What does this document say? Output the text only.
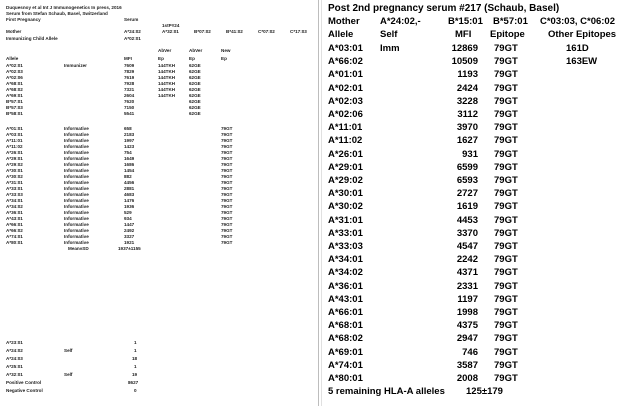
Duquesnoy et al Int J Immunogenetics In press, 2016
Serum from Stefan Schaub, Basel, Switzerland
First Pregnancy	Serum
1stP#24
Mother	A*24:02	A*32:01	B*07:02	B*41:02	C*07:02	C*17:03
Immunizing Child Allele	A*02:01
AbVer	AbVer	New
Allele	MFI	Ep	Ep	Ep
A*02:01	Immunizer	7609	144TKH	62GE
A*02:03	7829	144TKH	62GE
A*02:06	7619	144TKH	62GE
A*68:01	7928	144TKH	62GE
A*68:02	7321	144TKH	62GE
A*69:01	2604	144TKH	62GE
B*57:01	7620	62GE
B*57:03	7150	62GE
B*58:01	5541	62GE
A*01:01	Informative	658	79GT
A*03:01	Informative	2183	79GT
A*11:01	Informative	1997	79GT
A*11:02	Informative	1423	79GT
A*26:01	Informative	754	79GT
A*29:01	Informative	1649	79GT
A*29:02	Informative	1686	79GT
A*30:01	Informative	1454	79GT
A*30:02	Informative	882	79GT
A*31:01	Informative	4456	79GT
A*33:01	Informative	2881	79GT
A*33:03	Informative	4683	79GT
A*34:01	Informative	1476	79GT
A*34:02	Informative	1936	79GT
A*36:01	Informative	529	79GT
A*43:01	Informative	934	79GT
A*66:01	Informative	1447	79GT
A*66:02	Informative	2492	79GT
A*74:01	Informative	3327	79GT
A*80:01	Informative	1921	79GT
Mean±SD	1937±1155
A*23:01	1
A*24:02	Self	1
A*24:03	18
A*25:01	1
A*32:01	Self	19
Positive Control	8627
Negative Control	0
Post 2nd pregnancy serum #217 (Schaub, Basel)
Mother A*24:02,-	B*15:01 B*57:01 C*03:03, C*06:02
Allele	Self	Other Epitopes
MFI Epitope
A*03:01 Imm	12869 79GT	161D
A*66:02	10509 79GT	163EW
A*01:01	1193 79GT
A*02:01	2424 79GT
A*02:03	3228 79GT
A*02:06	3112 79GT
A*11:01	3970 79GT
A*11:02	1627 79GT
A*26:01	931 79GT
A*29:01	6599 79GT
A*29:02	6593 79GT
A*30:01	2727 79GT
A*30:02	1619 79GT
A*31:01	4453 79GT
A*33:01	3370 79GT
A*33:03	4547 79GT
A*34:01	2242 79GT
A*34:02	4371 79GT
A*36:01	2331 79GT
A*43:01	1197 79GT
A*66:01	1998 79GT
A*68:01	4375 79GT
A*68:02	2947 79GT
A*69:01	746 79GT
A*74:01	3587 79GT
A*80:01	2008 79GT
5 remaining HLA-A alleles 125±179
